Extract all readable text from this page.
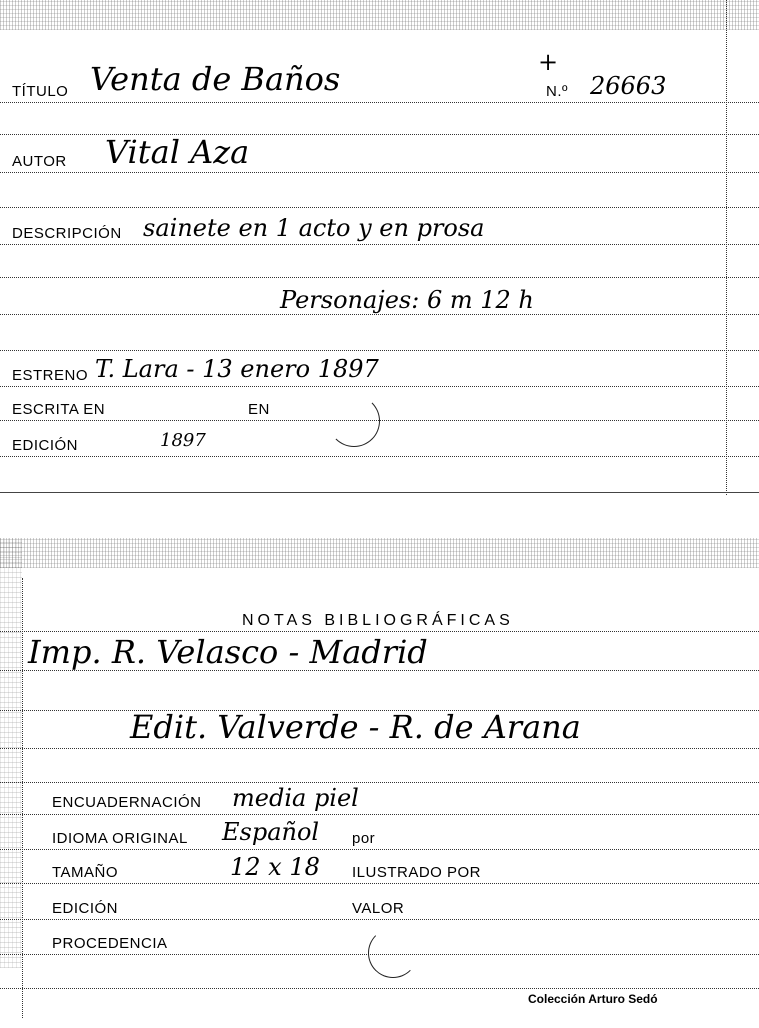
TÍTULO Venta de Baños	+
N.º 26663
AUTOR Vital Aza
DESCRIPCIÓN sainete en 1 acto y en prosa
Personajes: 6 m 12 h
ESTRENO T. Lara - 13 enero 1897
ESCRITA EN	EN
EDICIÓN	1897
NOTAS BIBLIOGRÁFICAS
Imp. R. Velasco - Madrid
Edit. Valverde - R. de Arana
ENCUADERNACIÓN media piel
IDIOMA ORIGINAL Español por
TAMAÑO	12 x 18 ILUSTRADO POR
EDICIÓN	VALOR
PROCEDENCIA
Colección Arturo Sedó
